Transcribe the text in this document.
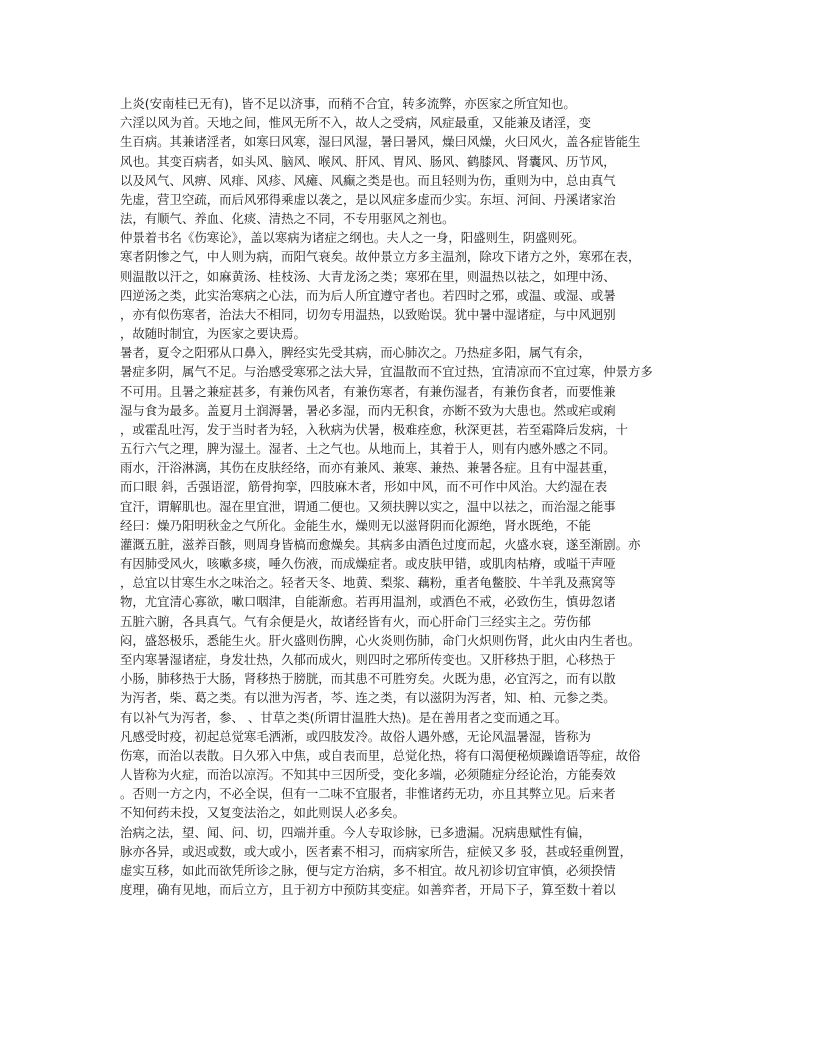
上炎(安南桂已无有)，皆不足以济事，而稍不合宜，转多流弊，亦医家之所宜知也。
六淫以风为首。天地之间，惟风无所不入，故人之受病，风症最重，又能兼及诸淫，变
生百病。其兼诸淫者，如寒曰风寒，湿曰风湿，暑曰暑风，燥曰风燥，火曰风火，盖各症皆能生
风也。其变百病者，如头风、脑风、喉风、肝风、胃风、肠风、鹤膝风、肾囊风、历节风，
以及风气、风痹、风痱、风疹、风瘫、风癫之类是也。而且轻则为伤，重则为中，总由真气
先虚，营卫空疏，而后风邪得乘虚以袭之，是以风症多虚而少实。东垣、河间、丹溪诸家治
法，有顺气、养血、化痰、清热之不同，不专用驱风之剂也。
仲景着书名《伤寒论》，盖以寒病为诸症之纲也。夫人之一身，阳盛则生，阴盛则死。
寒者阴惨之气，中人则为病，而阳气衰矣。故仲景立方多主温剂，除攻下诸方之外，寒邪在表，
则温散以汗之，如麻黄汤、桂枝汤、大青龙汤之类；寒邪在里，则温热以祛之，如理中汤、
四逆汤之类，此实治寒病之心法，而为后人所宜遵守者也。若四时之邪，或温、或湿、或暑
，亦有似伤寒者，治法大不相同，切勿专用温热，以致贻误。犹中暑中湿诸症，与中风迥别
，故随时制宜，为医家之要诀焉。
暑者，夏令之阳邪从口鼻入，脾经实先受其病，而心肺次之。乃热症多阳，属气有余，
暑症多阴，属气不足。与治感受寒邪之法大异，宜温散而不宜过热，宜清凉而不宜过寒，仲景方多
不可用。且暑之兼症甚多，有兼伤风者，有兼伤寒者，有兼伤湿者，有兼伤食者，而要惟兼
湿与食为最多。盖夏月土润溽暑，暑必多湿，而内无积食，亦断不致为大患也。然或疟或痢
，或霍乱吐泻，发于当时者为轻，入秋病为伏暑，极难痊愈，秋深更甚，若至霜降后发病，十
五行六气之理，脾为湿土。湿者、土之气也。从地而上，其着于人，则有内感外感之不同。
雨水，汗浴淋漓，其伤在皮肤经络，而亦有兼风、兼寒、兼热、兼暑各症。且有中湿甚重，
而口眼 斜，舌强语涩，筋骨拘挛，四肢麻木者，形如中风，而不可作中风治。大约湿在表
宜汗，谓解肌也。湿在里宜泄，谓通二便也。又须扶脾以实之，温中以祛之，而治湿之能事
经曰：燥乃阳明秋金之气所化。金能生水，燥则无以滋肾阴而化源绝，肾水既绝，不能
灌溉五脏，滋养百骸，则周身皆槁而愈燥矣。其病多由酒色过度而起，火盛水衰，遂至渐剧。亦
有因肺受风火，咳嗽多痰，唾久伤液，而成燥症者。或皮肤甲错，或肌肉枯瘠，或嗌干声哑
，总宜以甘寒生水之味治之。轻者天冬、地黄、梨浆、藕粉，重者龟鳖胶、牛羊乳及燕窝等
物，尤宜清心寡欲，嗽口咽津，自能渐愈。若再用温剂，或酒色不戒，必致伤生，慎毋忽诸
五脏六腑，各具真气。气有余便是火，故诸经皆有火，而心肝命门三经实主之。劳伤郁
闷，盛怒极乐，悉能生火。肝火盛则伤脾，心火炎则伤肺，命门火炽则伤肾，此火由内生者也。
至内寒暑湿诸症，身发壮热，久郁而成火，则四时之邪所传变也。又肝移热于胆，心移热于
小肠，肺移热于大肠，肾移热于膀胱，而其患不可胜穷矣。火既为患，必宜泻之，而有以散
为泻者，柴、葛之类。有以泄为泻者，芩、连之类，有以滋阴为泻者，知、柏、元参之类。
有以补气为泻者，参、 、甘草之类(所谓甘温胜大热)。是在善用者之变而通之耳。
凡感受时疫，初起总觉寒毛洒淅，或四肢发冷。故俗人遇外感，无论风温暑湿，皆称为
伤寒，而治以表散。日久邪入中焦，或自表而里，总觉化热，将有口渴便秘烦躁谵语等症，故俗
人皆称为火症，而治以凉泻。不知其中三因所受，变化多端，必须随症分经论治，方能奏效
。否则一方之内，不必全误，但有一二味不宜服者，非惟诸药无功，亦且其弊立见。后来者
不知何药未投，又复变法治之，如此则误人必多矣。
治病之法，望、闻、问、切，四端并重。今人专取诊脉，已多遗漏。况病患赋性有偏，
脉亦各异，或迟或数，或大或小，医者素不相习，而病家所告，症候又多 驳，甚或轻重例置，
虚实互移，如此而欲凭所诊之脉，便与定方治病，多不相宜。故凡初诊切宜审慎，必须揆情
度理，确有见地，而后立方，且于初方中预防其变症。如善弈者，开局下子，算至数十着以
